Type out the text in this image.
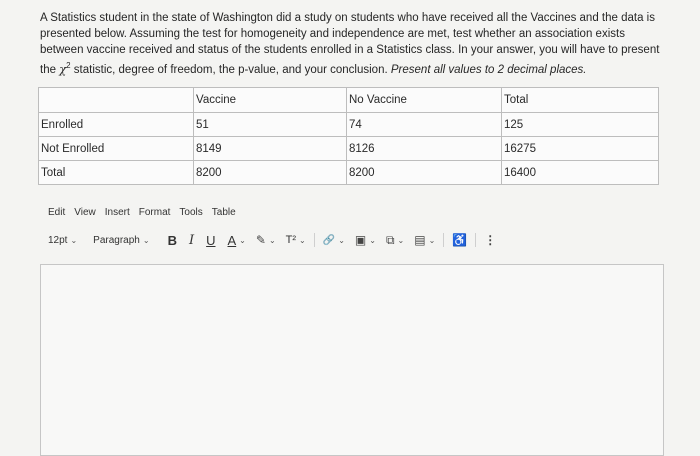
A Statistics student in the state of Washington did a study on students who have received all the Vaccines and the data is presented below. Assuming the test for homogeneity and independence are met, test whether an association exists between vaccine received and status of the students enrolled in a Statistics class. In your answer, you will have to present the $\chi^2$ statistic, degree of freedom, the p-value, and your conclusion. Present all values to 2 decimal places.
	Vaccine	No Vaccine	Total
Enrolled	51	74	125
Not Enrolled	8149	8126	16275
Total	8200	8200	16400
Edit View Insert Format Tools Table
12pt ⌄ Paragraph ⌄ B I U A ⌄ ✎ ⌄ T² ⌄ 🔗 ⌄ ▣ ⌄ ⧉ ⌄ ▤ ⌄ ♿ ⋮
